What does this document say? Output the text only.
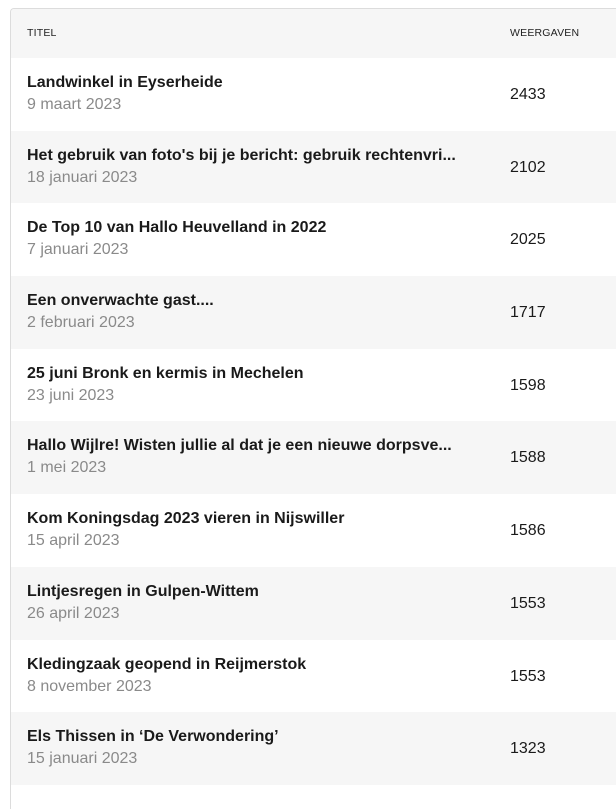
TITEL	WEERGAVEN
Landwinkel in Eyserheide
9 maart 2023
2433
Het gebruik van foto's bij je bericht: gebruik rechtenvri...
18 januari 2023
2102
De Top 10 van Hallo Heuvelland in 2022
7 januari 2023
2025
Een onverwachte gast....
2 februari 2023
1717
25 juni Bronk en kermis in Mechelen
23 juni 2023
1598
Hallo Wijlre! Wisten jullie al dat je een nieuwe dorpsve...
1 mei 2023
1588
Kom Koningsdag 2023 vieren in Nijswiller
15 april 2023
1586
Lintjesregen in Gulpen-Wittem
26 april 2023
1553
Kledingzaak geopend in Reijmerstok
8 november 2023
1553
Els Thissen in ‘De Verwondering’
15 januari 2023
1323
